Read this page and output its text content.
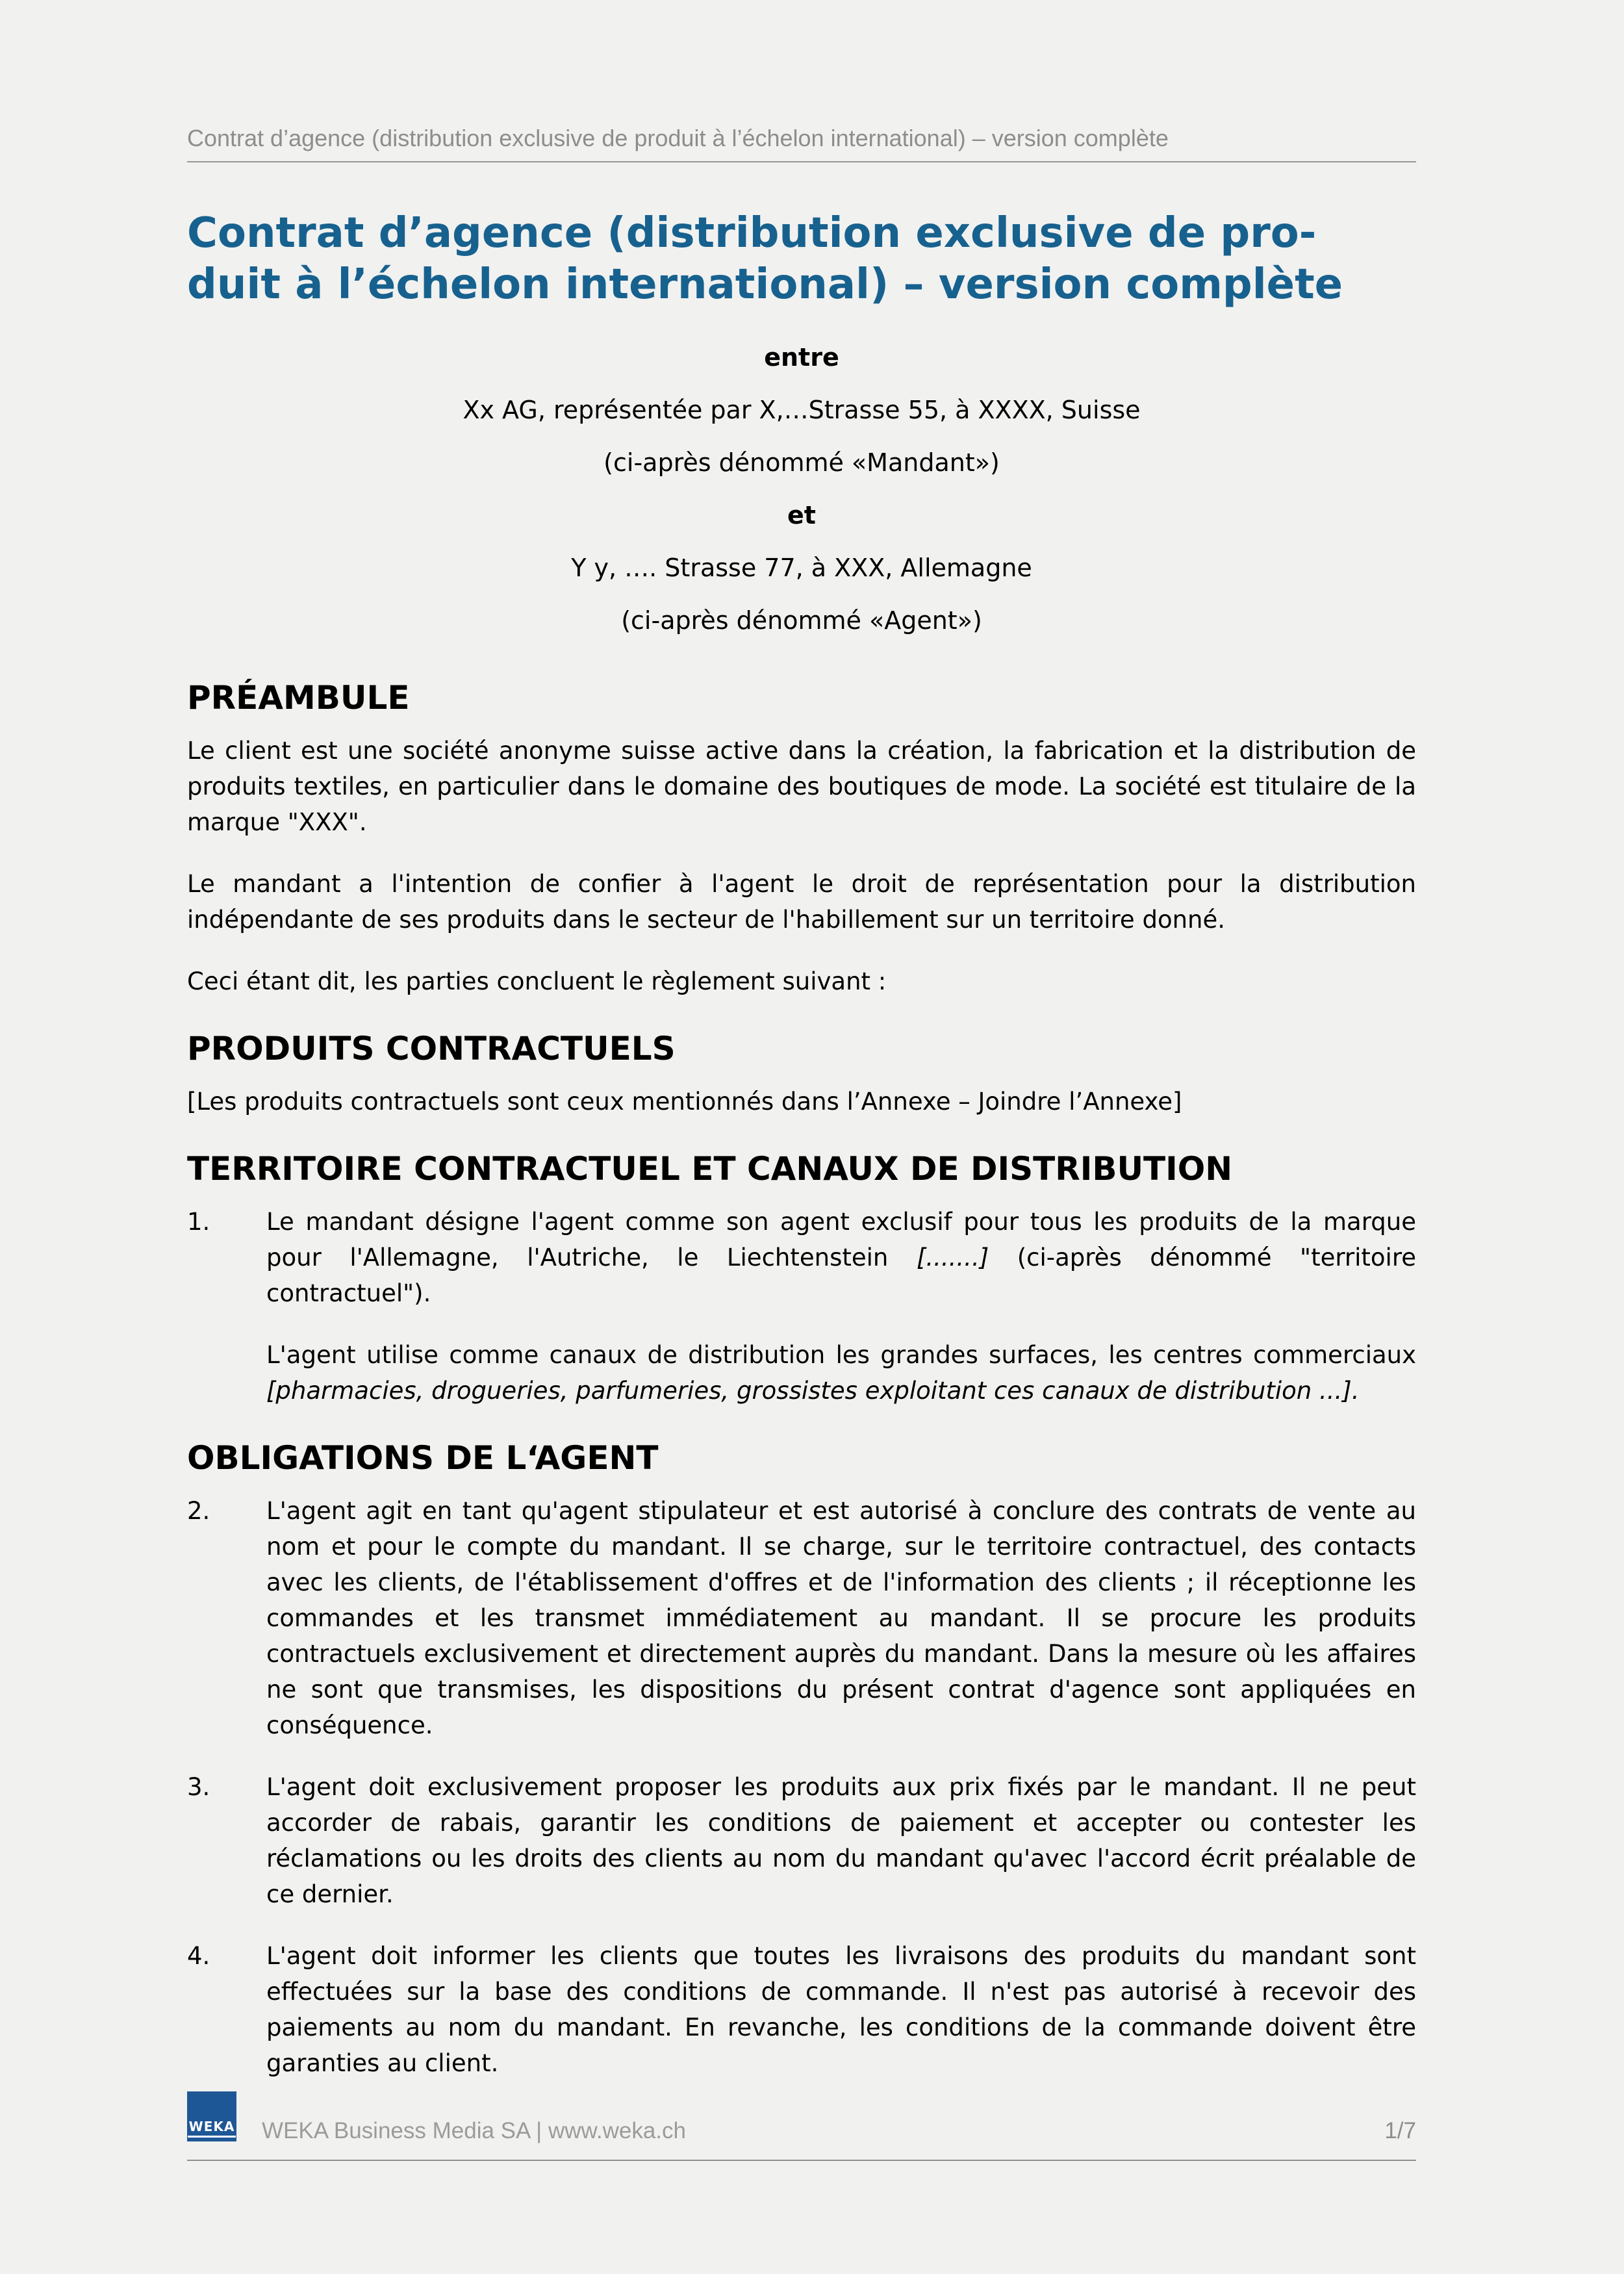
Contrat d’agence (distribution exclusive de produit à l’échelon international) – version complète
Contrat d’agence (distribution exclusive de pro-
duit à l’échelon international) – version complète
entre
Xx AG, représentée par X,…Strasse 55, à XXXX, Suisse
(ci-après dénommé «Mandant»)
et
Y y, …. Strasse 77, à XXX, Allemagne
(ci-après dénommé «Agent»)
PRÉAMBULE

Le client est une société anonyme suisse active dans la création, la fabrication et la distribution de produits textiles, en particulier dans le domaine des boutiques de mode. La société est titulaire de la marque "XXX".

Le mandant a l'intention de confier à l'agent le droit de représentation pour la distribution indépendante de ses produits dans le secteur de l'habillement sur un territoire donné.

Ceci étant dit, les parties concluent le règlement suivant :

PRODUITS CONTRACTUELS

[Les produits contractuels sont ceux mentionnés dans l’Annexe – Joindre l’Annexe]

TERRITOIRE CONTRACTUEL ET CANAUX DE DISTRIBUTION
1.	Le mandant désigne l'agent comme son agent exclusif pour tous les produits de la marque pour l'Allemagne, l'Autriche, le Liechtenstein [.......] (ci-après dénommé "territoire contractuel").

L'agent utilise comme canaux de distribution les grandes surfaces, les centres commerciaux [pharmacies, drogueries, parfumeries, grossistes exploitant ces canaux de distribution ...].

OBLIGATIONS DE L‘AGENT
2.	L'agent agit en tant qu'agent stipulateur et est autorisé à conclure des contrats de vente au nom et pour le compte du mandant. Il se charge, sur le territoire contractuel, des contacts avec les clients, de l'établissement d'offres et de l'information des clients ; il réceptionne les commandes et les transmet immédiatement au mandant. Il se procure les produits contractuels exclusivement et directement auprès du mandant. Dans la mesure où les affaires ne sont que transmises, les dispositions du présent contrat d'agence sont appliquées en conséquence.

3.	L'agent doit exclusivement proposer les produits aux prix fixés par le mandant. Il ne peut accorder de rabais, garantir les conditions de paiement et accepter ou contester les réclamations ou les droits des clients au nom du mandant qu'avec l'accord écrit préalable de ce dernier.

4.	L'agent doit informer les clients que toutes les livraisons des produits du mandant sont effectuées sur la base des conditions de commande. Il n'est pas autorisé à recevoir des paiements au nom du mandant. En revanche, les conditions de la commande doivent être garanties au client.

WEKA WEKA Business Media SA | www.weka.ch	1/7
